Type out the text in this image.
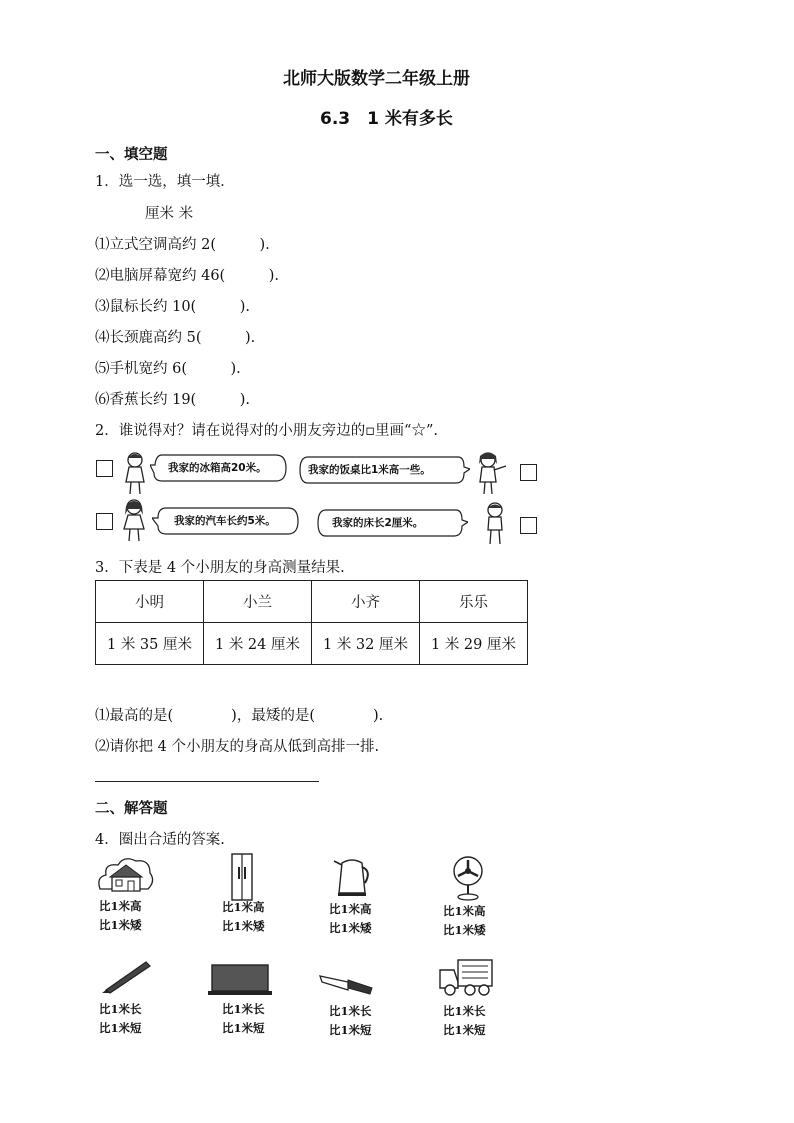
北师大版数学二年级上册
6.3　1 米有多长
一、填空题
1．选一选，填一填．
厘米 米
⑴立式空调高约 2(　　　).
⑵电脑屏幕宽约 46(　　　).
⑶鼠标长约 10(　　　).
⑷长颈鹿高约 5(　　　).
⑸手机宽约 6(　　　).
⑹香蕉长约 19(　　　).
2．谁说得对？请在说得对的小朋友旁边的▫里画“☆”.
我家的冰箱高20米。	我家的饭桌比1米高一些。
我家的汽车长约5米。	我家的床长2厘米。
3．下表是 4 个小朋友的身高测量结果.
小明	小兰	小齐	乐乐
1 米 35 厘米	1 米 24 厘米	1 米 32 厘米	1 米 29 厘米
⑴最高的是(　　　　)，最矮的是(　　　　).
⑵请你把 4 个小朋友的身高从低到高排一排.
二、解答题
4．圈出合适的答案.
比1米高
比1米矮
比1米高
比1米矮
比1米高
比1米矮
比1米高
比1米矮
比1米长
比1米短
比1米长
比1米短
比1米长
比1米短
比1米长
比1米短
